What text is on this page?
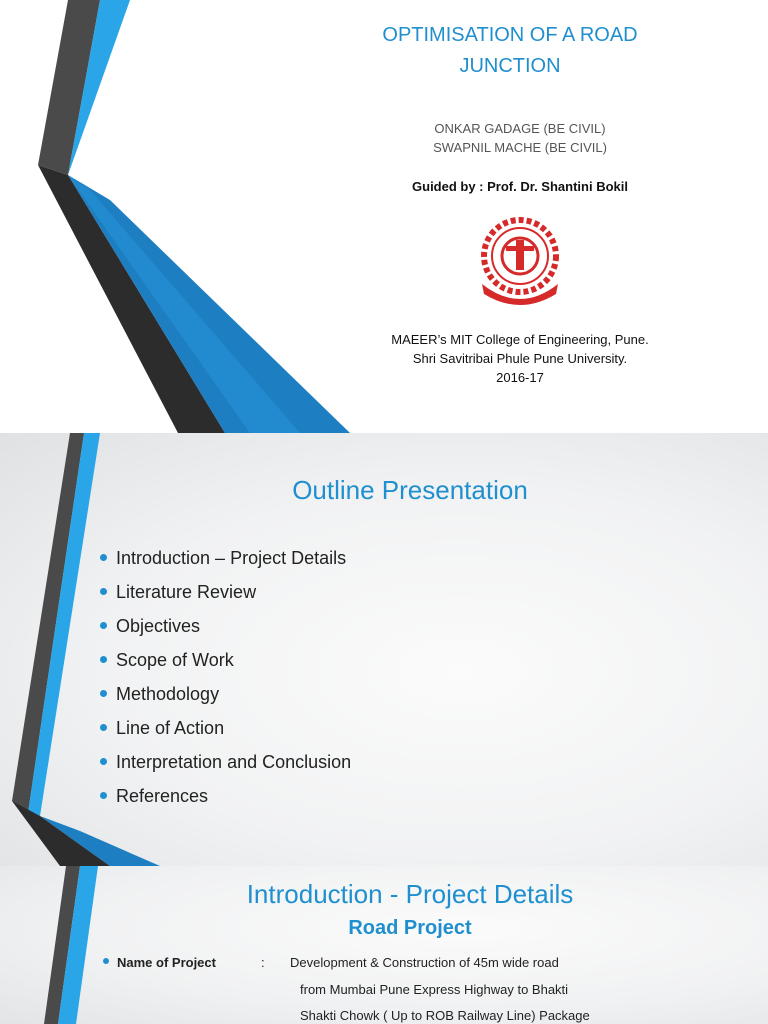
OPTIMISATION OF A ROAD
JUNCTION
ONKAR GADAGE (BE CIVIL)
SWAPNIL MACHE (BE CIVIL)
Guided by : Prof. Dr. Shantini Bokil
MAEER’s MIT College of Engineering, Pune.
Shri Savitribai Phule Pune University.
2016-17
Outline Presentation
Introduction – Project Details
Literature Review
Objectives
Scope of Work
Methodology
Line of Action
Interpretation and Conclusion
References
Introduction - Project Details
Road Project
Name of Project	: Development & Construction of 45m wide road
from Mumbai Pune Express Highway to Bhakti
Shakti Chowk ( Up to ROB Railway Line) Package
